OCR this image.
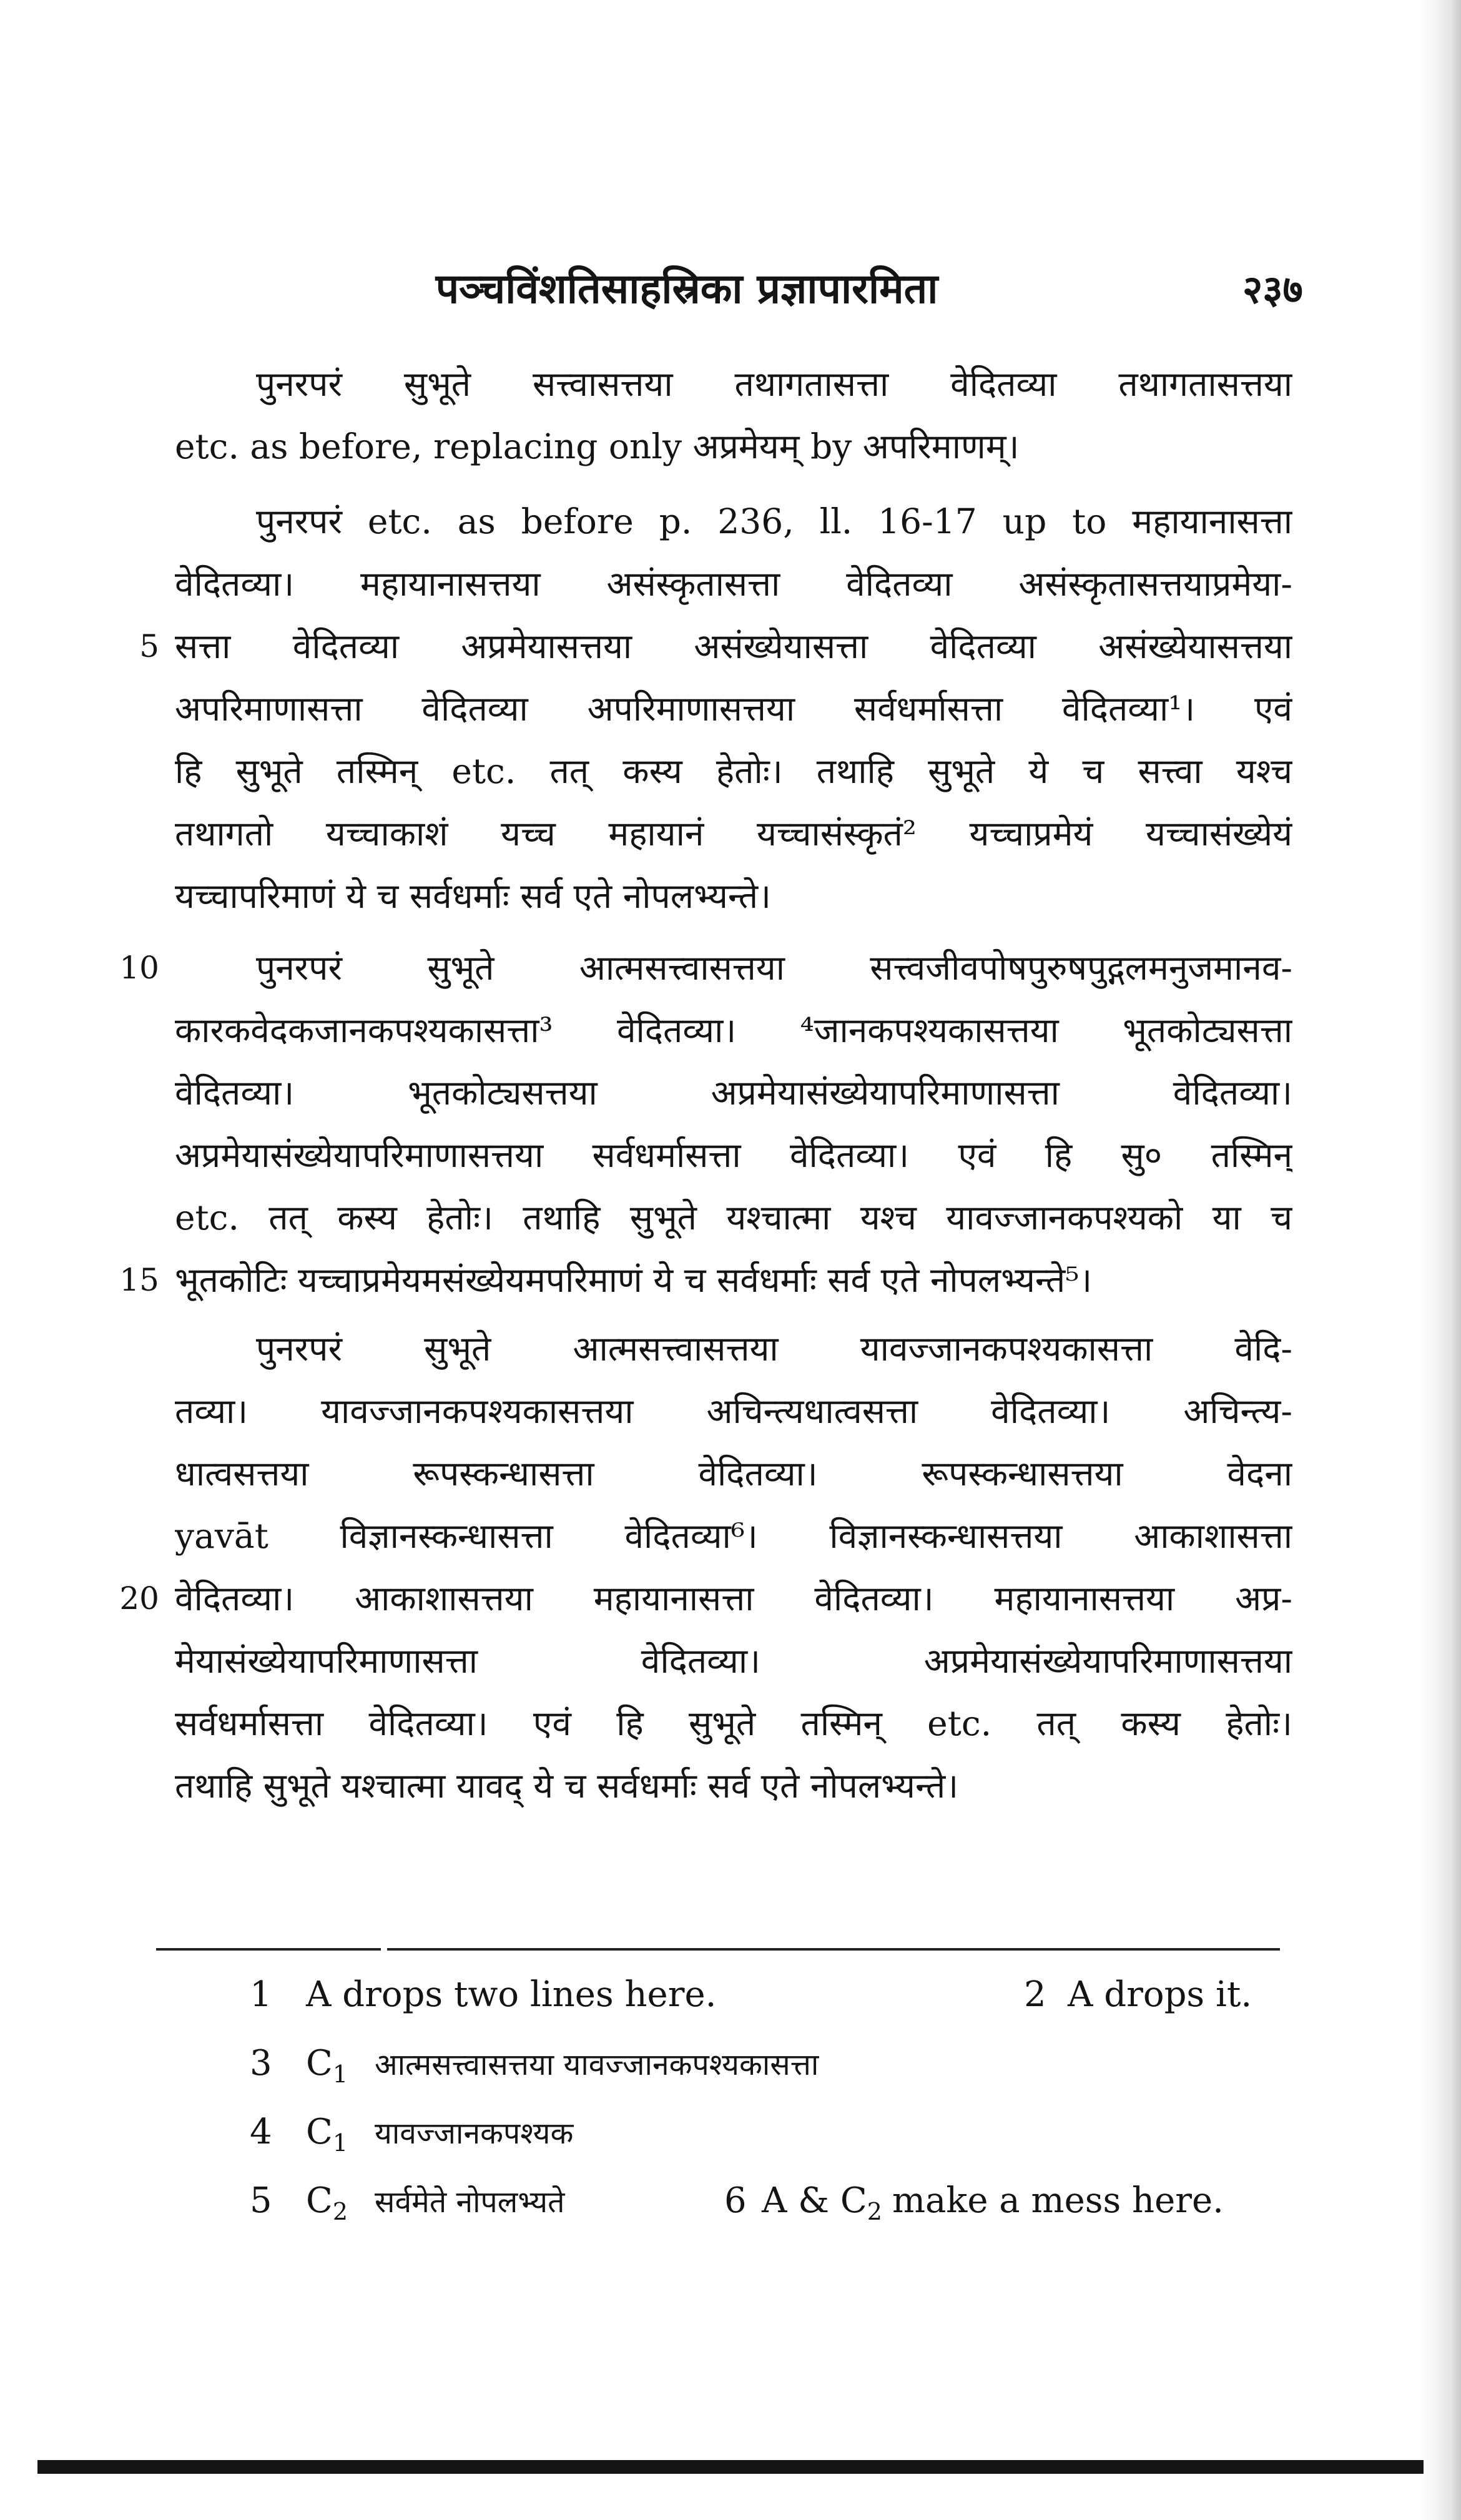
पञ्चविंशतिसाहस्रिका प्रज्ञापारमिता	२३७
पुनरपरं सुभूते सत्त्वासत्तया तथागतासत्ता वेदितव्या तथागतासत्तया
etc. as before, replacing only अप्रमेयम् by अपरिमाणम्।
पुनरपरं etc. as before p. 236, ll. 16-17 up to महायानासत्ता
वेदितव्या। महायानासत्तया असंस्कृतासत्ता वेदितव्या असंस्कृतासत्तयाप्रमेया-
सत्ता वेदितव्या अप्रमेयासत्तया असंख्येयासत्ता वेदितव्या असंख्येयासत्तया
अपरिमाणासत्ता वेदितव्या अपरिमाणासत्तया सर्वधर्मासत्ता वेदितव्या¹। एवं
हि सुभूते तस्मिन् etc. तत् कस्य हेतोः। तथाहि सुभूते ये च सत्त्वा यश्च
तथागतो यच्चाकाशं यच्च महायानं यच्चासंस्कृतं² यच्चाप्रमेयं यच्चासंख्येयं
यच्चापरिमाणं ये च सर्वधर्माः सर्व एते नोपलभ्यन्ते।
पुनरपरं सुभूते आत्मसत्त्वासत्तया सत्त्वजीवपोषपुरुषपुद्गलमनुजमानव-
कारकवेदकजानकपश्यकासत्ता³ वेदितव्या। ⁴जानकपश्यकासत्तया भूतकोट्यसत्ता
वेदितव्या। भूतकोट्यसत्तया अप्रमेयासंख्येयापरिमाणासत्ता वेदितव्या।
अप्रमेयासंख्येयापरिमाणासत्तया सर्वधर्मासत्ता वेदितव्या। एवं हि सु० तस्मिन्
etc. तत् कस्य हेतोः। तथाहि सुभूते यश्चात्मा यश्च यावज्जानकपश्यको या च
भूतकोटिः यच्चाप्रमेयमसंख्येयमपरिमाणं ये च सर्वधर्माः सर्व एते नोपलभ्यन्ते⁵।
पुनरपरं सुभूते आत्मसत्त्वासत्तया यावज्जानकपश्यकासत्ता वेदि-
तव्या। यावज्जानकपश्यकासत्तया अचिन्त्यधात्वसत्ता वेदितव्या। अचिन्त्य-
धात्वसत्तया रूपस्कन्धासत्ता वेदितव्या। रूपस्कन्धासत्तया वेदना
yavāt विज्ञानस्कन्धासत्ता वेदितव्या⁶। विज्ञानस्कन्धासत्तया आकाशासत्ता
वेदितव्या। आकाशासत्तया महायानासत्ता वेदितव्या। महायानासत्तया अप्र-
मेयासंख्येयापरिमाणासत्ता वेदितव्या। अप्रमेयासंख्येयापरिमाणासत्तया
सर्वधर्मासत्ता वेदितव्या। एवं हि सुभूते तस्मिन् etc. तत् कस्य हेतोः।
तथाहि सुभूते यश्चात्मा यावद् ये च सर्वधर्माः सर्व एते नोपलभ्यन्ते।
5
10
15
20
1 A drops two lines here.	2 A drops it.
3 $C_1$ आत्मसत्त्वासत्तया यावज्जानकपश्यकासत्ता
4 $C_1$ यावज्जानकपश्यक
5 $C_2$ सर्वमेते नोपलभ्यते	6 A & $C_2$ make a mess here.
